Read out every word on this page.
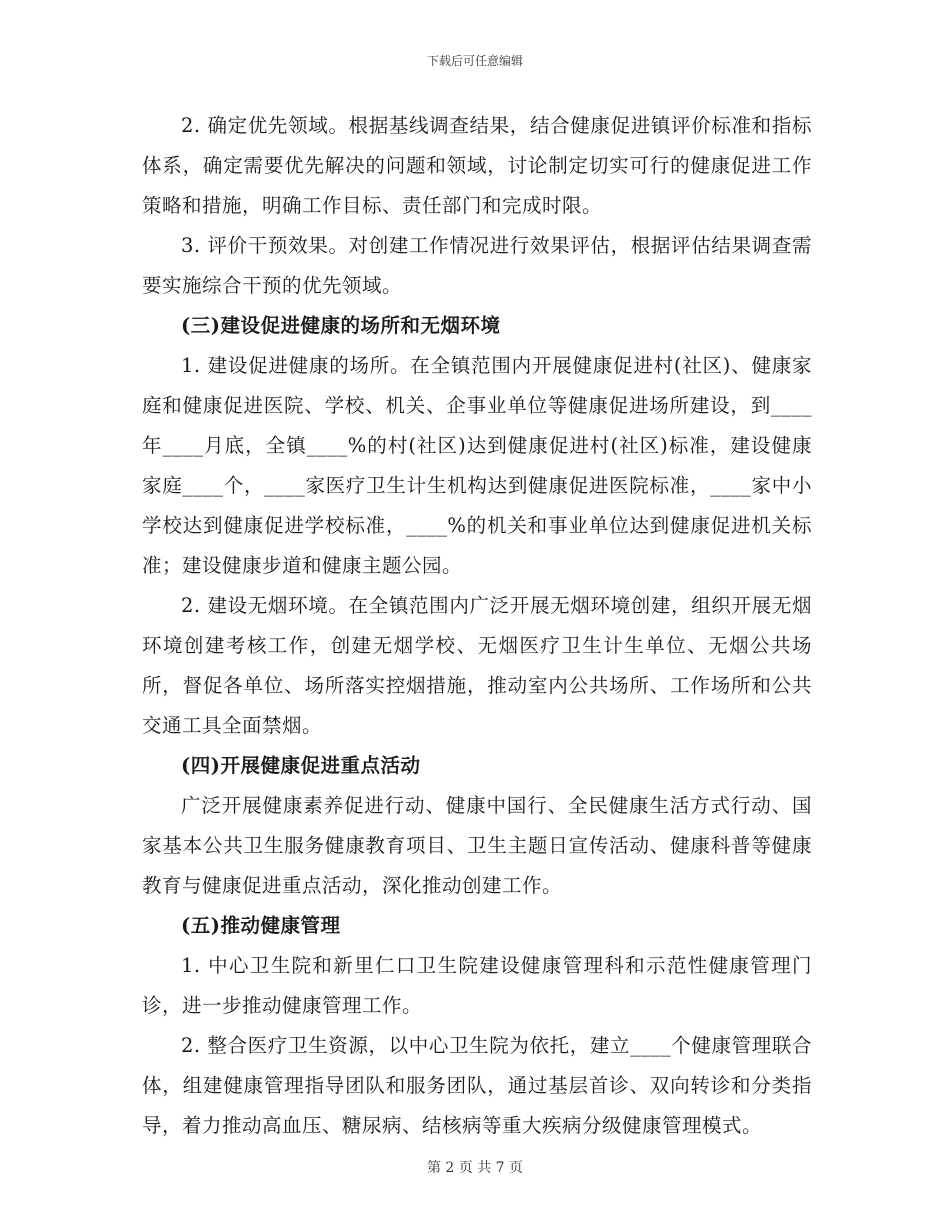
下载后可任意编辑

2. 确定优先领域。根据基线调查结果，结合健康促进镇评价标准和指标体系，确定需要优先解决的问题和领域，讨论制定切实可行的健康促进工作策略和措施，明确工作目标、责任部门和完成时限。

3. 评价干预效果。对创建工作情况进行效果评估，根据评估结果调查需要实施综合干预的优先领域。

(三)建设促进健康的场所和无烟环境

1. 建设促进健康的场所。在全镇范围内开展健康促进村(社区)、健康家庭和健康促进医院、学校、机关、企事业单位等健康促进场所建设，到____年____月底，全镇____%的村(社区)达到健康促进村(社区)标准，建设健康家庭____个，____家医疗卫生计生机构达到健康促进医院标准，____家中小学校达到健康促进学校标准，____%的机关和事业单位达到健康促进机关标准；建设健康步道和健康主题公园。

2. 建设无烟环境。在全镇范围内广泛开展无烟环境创建，组织开展无烟环境创建考核工作，创建无烟学校、无烟医疗卫生计生单位、无烟公共场所，督促各单位、场所落实控烟措施，推动室内公共场所、工作场所和公共交通工具全面禁烟。

(四)开展健康促进重点活动

广泛开展健康素养促进行动、健康中国行、全民健康生活方式行动、国家基本公共卫生服务健康教育项目、卫生主题日宣传活动、健康科普等健康教育与健康促进重点活动，深化推动创建工作。

(五)推动健康管理

1. 中心卫生院和新里仁口卫生院建设健康管理科和示范性健康管理门诊，进一步推动健康管理工作。

2. 整合医疗卫生资源，以中心卫生院为依托，建立____个健康管理联合体，组建健康管理指导团队和服务团队，通过基层首诊、双向转诊和分类指导，着力推动高血压、糖尿病、结核病等重大疾病分级健康管理模式。

第 2 页 共 7 页
